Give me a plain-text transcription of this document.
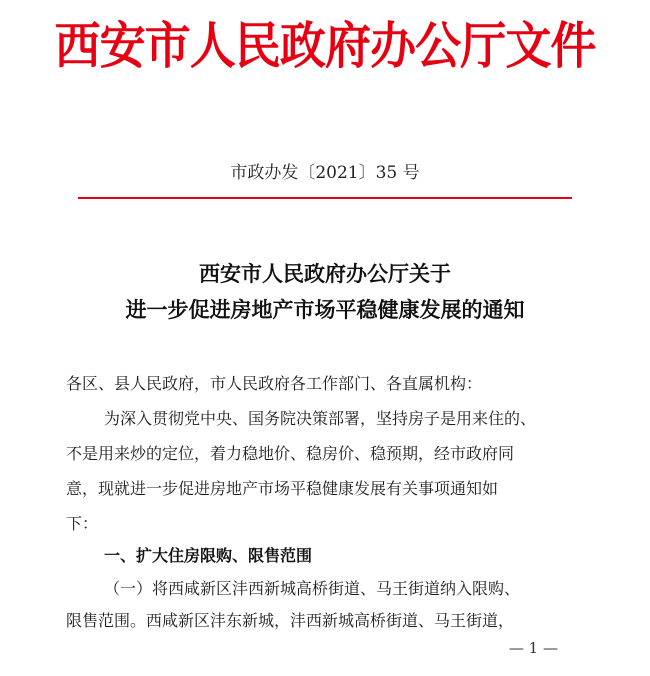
西安市人民政府办公厅文件
市政办发〔2021〕35 号
西安市人民政府办公厅关于
进一步促进房地产市场平稳健康发展的通知
各区、县人民政府，市人民政府各工作部门、各直属机构：
为深入贯彻党中央、国务院决策部署，坚持房子是用来住的、
不是用来炒的定位，着力稳地价、稳房价、稳预期，经市政府同
意，现就进一步促进房地产市场平稳健康发展有关事项通知如
下：
一、扩大住房限购、限售范围
（一）将西咸新区沣西新城高桥街道、马王街道纳入限购、
限售范围。西咸新区沣东新城，沣西新城高桥街道、马王街道，
— 1 —
